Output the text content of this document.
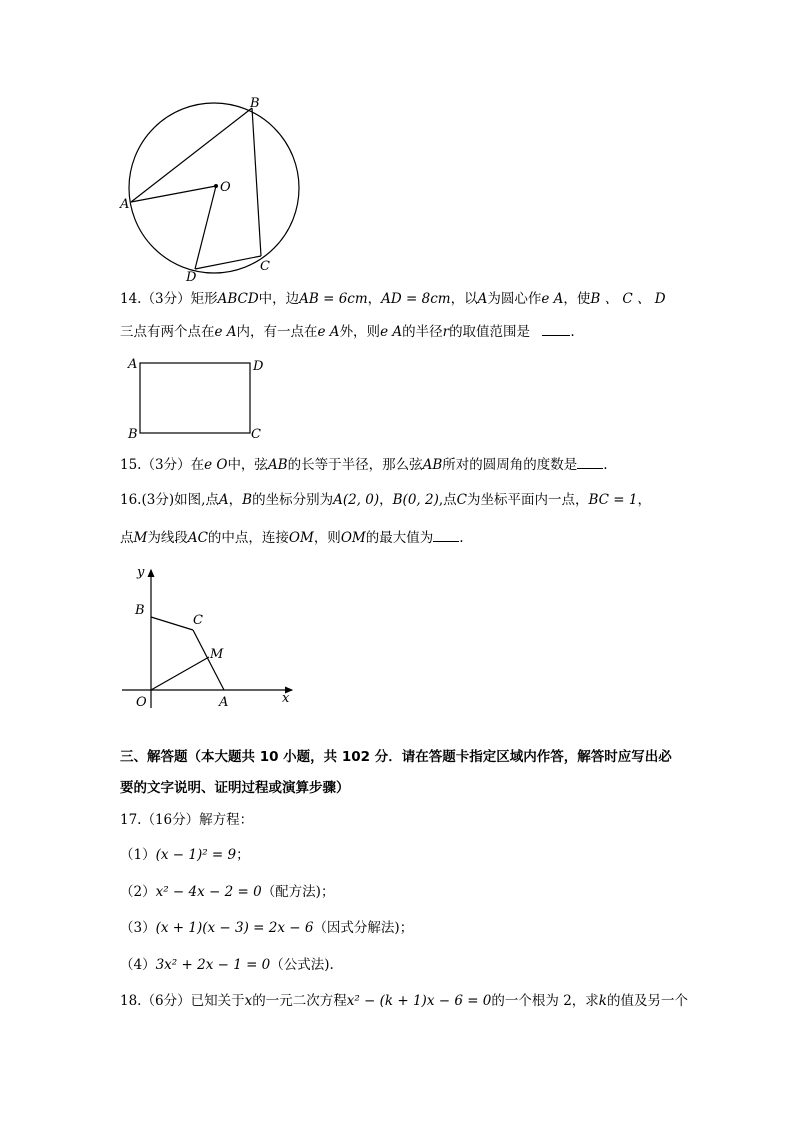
B
A
O
D
C
14.（3分）矩形ABCD中，边AB = 6cm，AD = 8cm，以A为圆心作e A，使B 、 C 、 D
三点有两个点在e A内，有一点在e A外，则e A的半径r的取值范围是	.
A	D
B	C
15.（3分）在e O中，弦AB的长等于半径，那么弦AB所对的圆周角的度数是 .
16.(3分)如图,点A，B的坐标分别为A(2, 0)，B(0, 2),点C为坐标平面内一点，BC = 1，
点M为线段AC的中点，连接OM，则OM的最大值为 .
y
x
B
C
M
O	A
三、解答题（本大题共 10 小题，共 102 分．请在答题卡指定区域内作答，解答时应写出必
要的文字说明、证明过程或演算步骤）
17.（16分）解方程：
（1）(x − 1)² = 9；
（2）x² − 4x − 2 = 0（配方法)；
（3）(x + 1)(x − 3) = 2x − 6（因式分解法)；
（4）3x² + 2x − 1 = 0（公式法).
18.（6分）已知关于x的一元二次方程x² − (k + 1)x − 6 = 0的一个根为 2，求k的值及另一个
